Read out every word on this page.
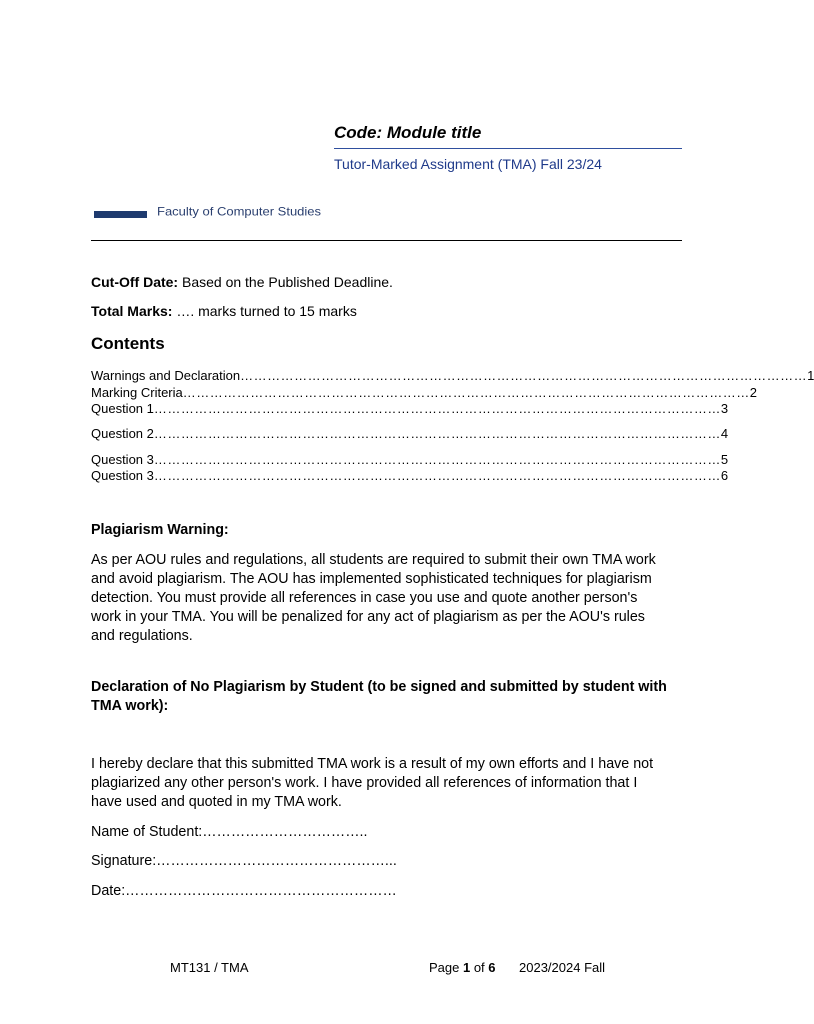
Code: Module title
Tutor-Marked Assignment (TMA) Fall 23/24
Faculty of Computer Studies
Cut-Off Date: Based on the Published Deadline.
Total Marks: …. marks turned to 15 marks
Contents
Warnings and Declaration ……………………………………………………………………………………………………………… 1
Marking Criteria ……………………………………………………………………………………………………………… 2
Question 1 ……………………………………………………………………………………………………………… 3
Question 2 ……………………………………………………………………………………………………………… 4
Question 3 ……………………………………………………………………………………………………………… 5
Question 3 ……………………………………………………………………………………………………………… 6
Plagiarism Warning:
As per AOU rules and regulations, all students are required to submit their own TMA work and avoid plagiarism. The AOU has implemented sophisticated techniques for plagiarism detection. You must provide all references in case you use and quote another person's work in your TMA. You will be penalized for any act of plagiarism as per the AOU's rules and regulations.
Declaration of No Plagiarism by Student (to be signed and submitted by student with TMA work):
I hereby declare that this submitted TMA work is a result of my own efforts and I have not plagiarized any other person's work. I have provided all references of information that I have used and quoted in my TMA work.
Name of Student:……………………………..
Signature:…………………………………………...
Date:…………………………………………………
MT131 / TMA	Page 1 of 6 2023/2024 Fall
